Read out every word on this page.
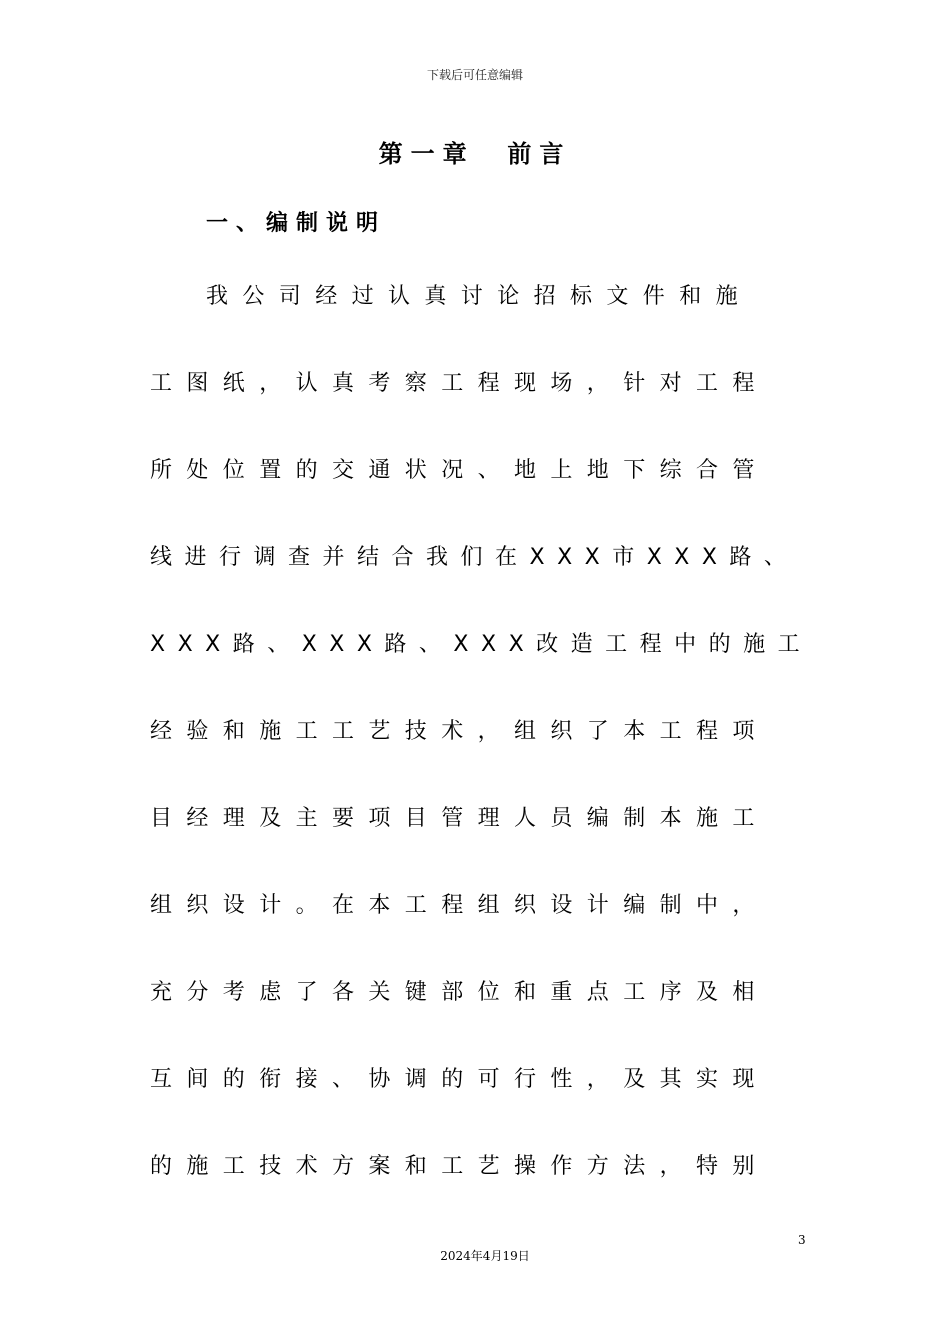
下载后可任意编辑
第一章  前言
一、编制说明
我公司经过认真讨论招标文件和施
工图纸，认真考察工程现场，针对工程
所处位置的交通状况、地上地下综合管
线进行调查并结合我们在XXX市XXX路、
XXX路、XXX路、XXX改造工程中的施工
经验和施工工艺技术，组织了本工程项
目经理及主要项目管理人员编制本施工
组织设计。在本工程组织设计编制中，
充分考虑了各关键部位和重点工序及相
互间的衔接、协调的可行性，及其实现
的施工技术方案和工艺操作方法，特别
3
2024年4月19日
